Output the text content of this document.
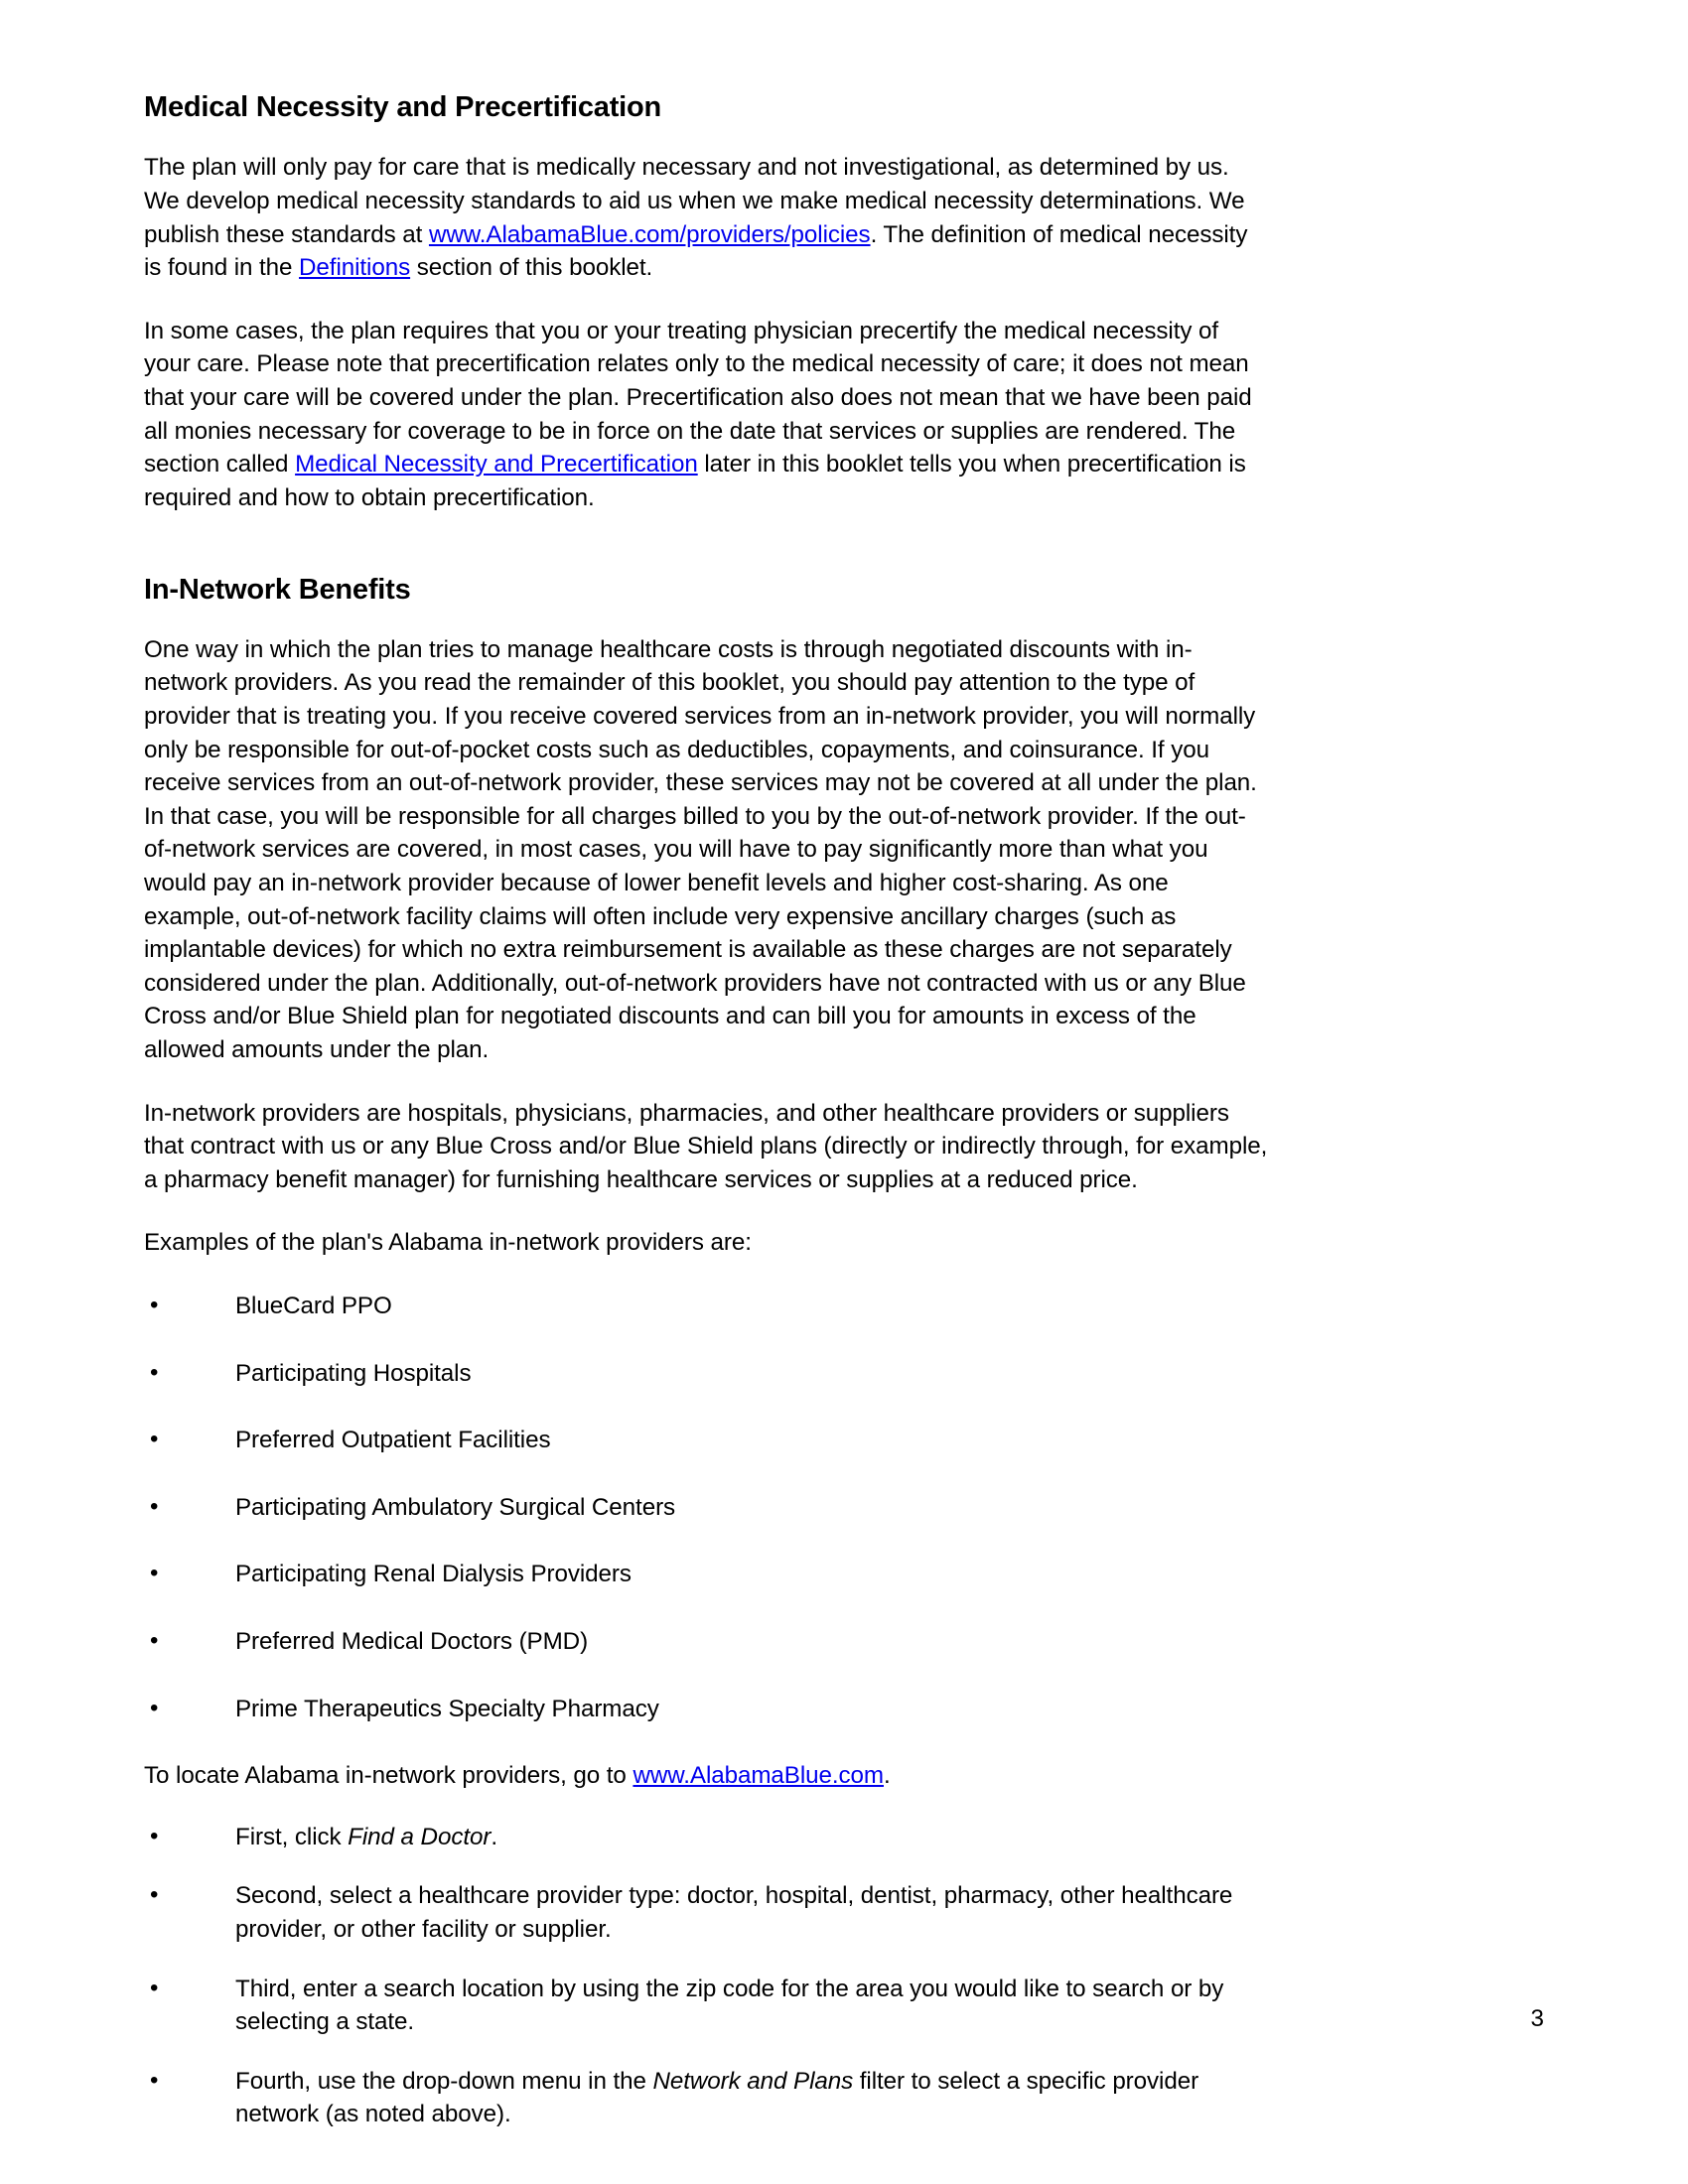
Medical Necessity and Precertification

The plan will only pay for care that is medically necessary and not investigational, as determined by us. We develop medical necessity standards to aid us when we make medical necessity determinations. We publish these standards at www.AlabamaBlue.com/providers/policies. The definition of medical necessity is found in the Definitions section of this booklet.

In some cases, the plan requires that you or your treating physician precertify the medical necessity of your care. Please note that precertification relates only to the medical necessity of care; it does not mean that your care will be covered under the plan. Precertification also does not mean that we have been paid all monies necessary for coverage to be in force on the date that services or supplies are rendered. The section called Medical Necessity and Precertification later in this booklet tells you when precertification is required and how to obtain precertification.

In-Network Benefits

One way in which the plan tries to manage healthcare costs is through negotiated discounts with in-network providers. As you read the remainder of this booklet, you should pay attention to the type of provider that is treating you. If you receive covered services from an in-network provider, you will normally only be responsible for out-of-pocket costs such as deductibles, copayments, and coinsurance. If you receive services from an out-of-network provider, these services may not be covered at all under the plan. In that case, you will be responsible for all charges billed to you by the out-of-network provider. If the out-of-network services are covered, in most cases, you will have to pay significantly more than what you would pay an in-network provider because of lower benefit levels and higher cost-sharing. As one example, out-of-network facility claims will often include very expensive ancillary charges (such as implantable devices) for which no extra reimbursement is available as these charges are not separately considered under the plan. Additionally, out-of-network providers have not contracted with us or any Blue Cross and/or Blue Shield plan for negotiated discounts and can bill you for amounts in excess of the allowed amounts under the plan.

In-network providers are hospitals, physicians, pharmacies, and other healthcare providers or suppliers that contract with us or any Blue Cross and/or Blue Shield plans (directly or indirectly through, for example, a pharmacy benefit manager) for furnishing healthcare services or supplies at a reduced price.

Examples of the plan's Alabama in-network providers are:

•	BlueCard PPO
•	Participating Hospitals
•	Preferred Outpatient Facilities
•	Participating Ambulatory Surgical Centers
•	Participating Renal Dialysis Providers
•	Preferred Medical Doctors (PMD)
•	Prime Therapeutics Specialty Pharmacy

To locate Alabama in-network providers, go to www.AlabamaBlue.com.

•	First, click Find a Doctor.
•	Second, select a healthcare provider type: doctor, hospital, dentist, pharmacy, other healthcare provider, or other facility or supplier.
•	Third, enter a search location by using the zip code for the area you would like to search or by selecting a state.
•	Fourth, use the drop-down menu in the Network and Plans filter to select a specific provider network (as noted above).
3
